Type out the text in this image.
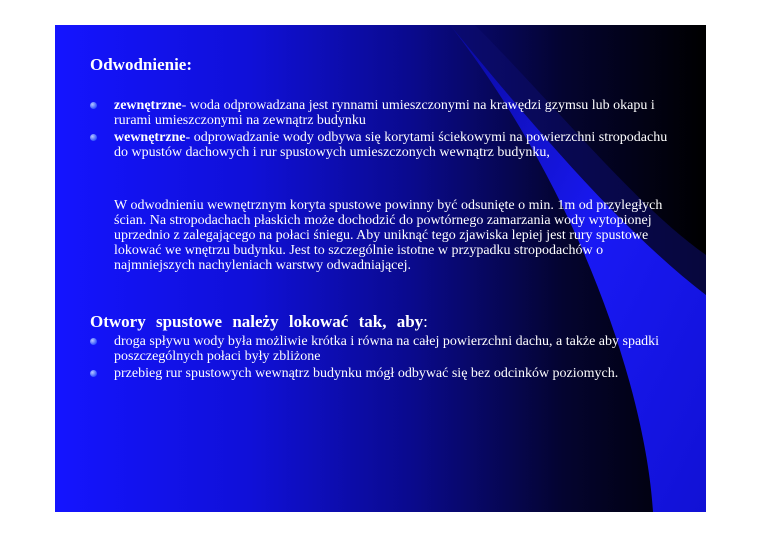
Odwodnienie:
zewnętrzne- woda odprowadzana jest rynnami umieszczonymi na krawędzi gzymsu lub okapu i rurami umieszczonymi na zewnątrz budynku
wewnętrzne- odprowadzanie wody odbywa się korytami ściekowymi na powierzchni stropodachu do wpustów dachowych i rur spustowych umieszczonych wewnątrz budynku,
W odwodnieniu wewnętrznym koryta spustowe powinny być odsunięte o min. 1m od przyległych ścian. Na stropodachach płaskich może dochodzić do powtórnego zamarzania wody wytopionej uprzednio z zalegającego na połaci śniegu. Aby uniknąć tego zjawiska lepiej jest rury spustowe lokować we wnętrzu budynku. Jest to szczególnie istotne w przypadku stropodachów o najmniejszych nachyleniach warstwy odwadniającej.
Otwory spustowe należy lokować tak, aby:
droga spływu wody była możliwie krótka i równa na całej powierzchni dachu, a także aby spadki poszczególnych połaci były zbliżone
przebieg rur spustowych wewnątrz budynku mógł odbywać się bez odcinków poziomych.
